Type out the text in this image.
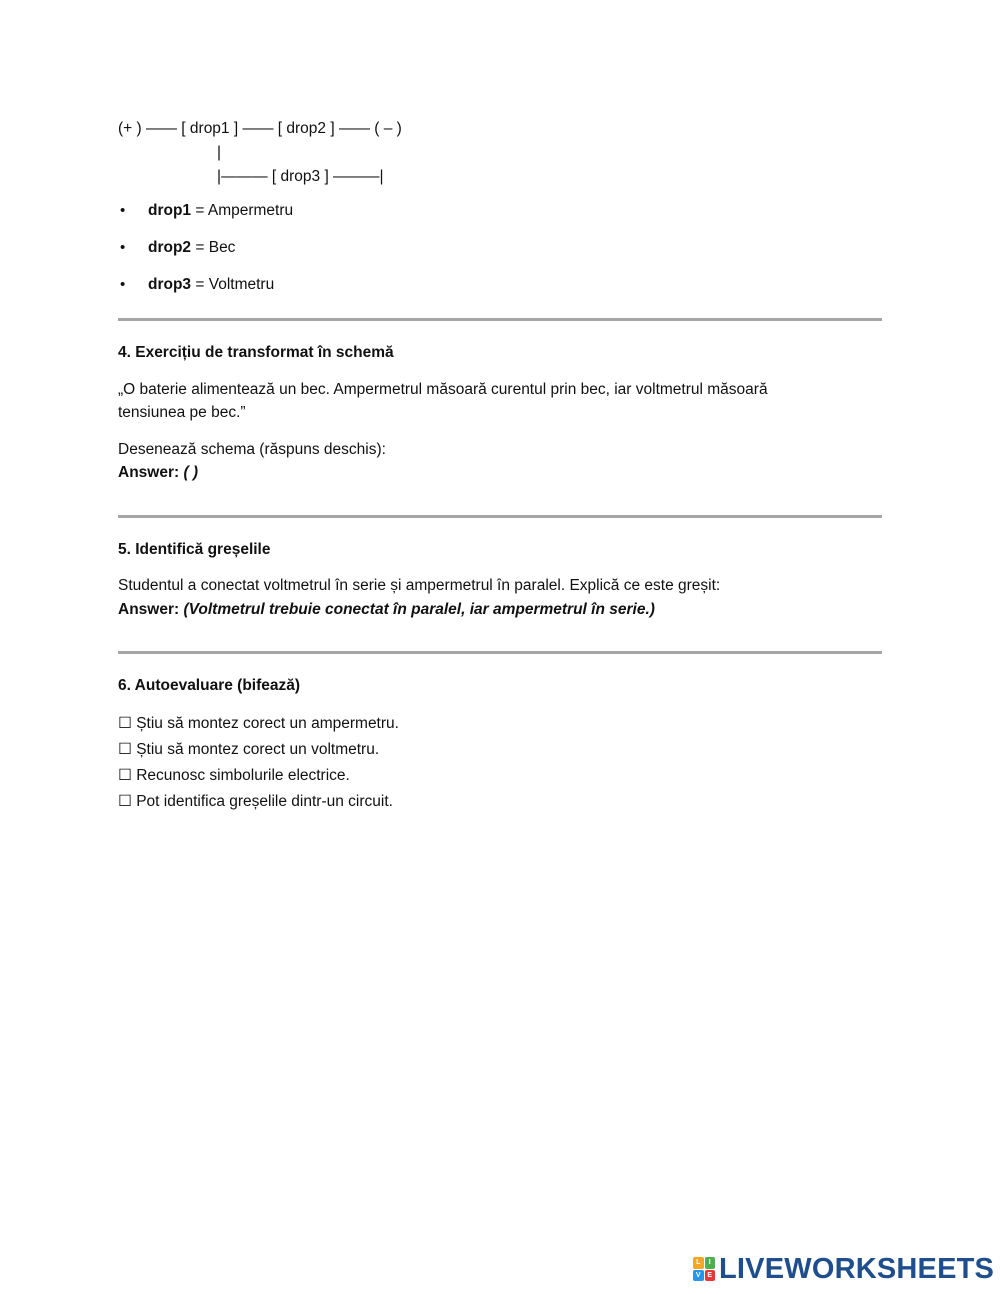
(+ ) —— [ drop1 ] —— [ drop2 ] —— ( – )
|
|——— [ drop3 ] ———|
• drop1 = Ampermetru
• drop2 = Bec
• drop3 = Voltmetru

4. Exercițiu de transformat în schemă

„O baterie alimentează un bec. Ampermetrul măsoară curentul prin bec, iar voltmetrul măsoară tensiunea pe bec.”

Desenează schema (răspuns deschis):

Answer: ( )

5. Identifică greșelile

Studentul a conectat voltmetrul în serie și ampermetrul în paralel. Explică ce este greșit:

Answer: (Voltmetrul trebuie conectat în paralel, iar ampermetrul în serie.)

6. Autoevaluare (bifează)

☐ Știu să montez corect un ampermetru.
☐ Știu să montez corect un voltmetru.
☐ Recunosc simbolurile electrice.
☐ Pot identifica greșelile dintr-un circuit.
L	I
V E LIVEWORKSHEETS
